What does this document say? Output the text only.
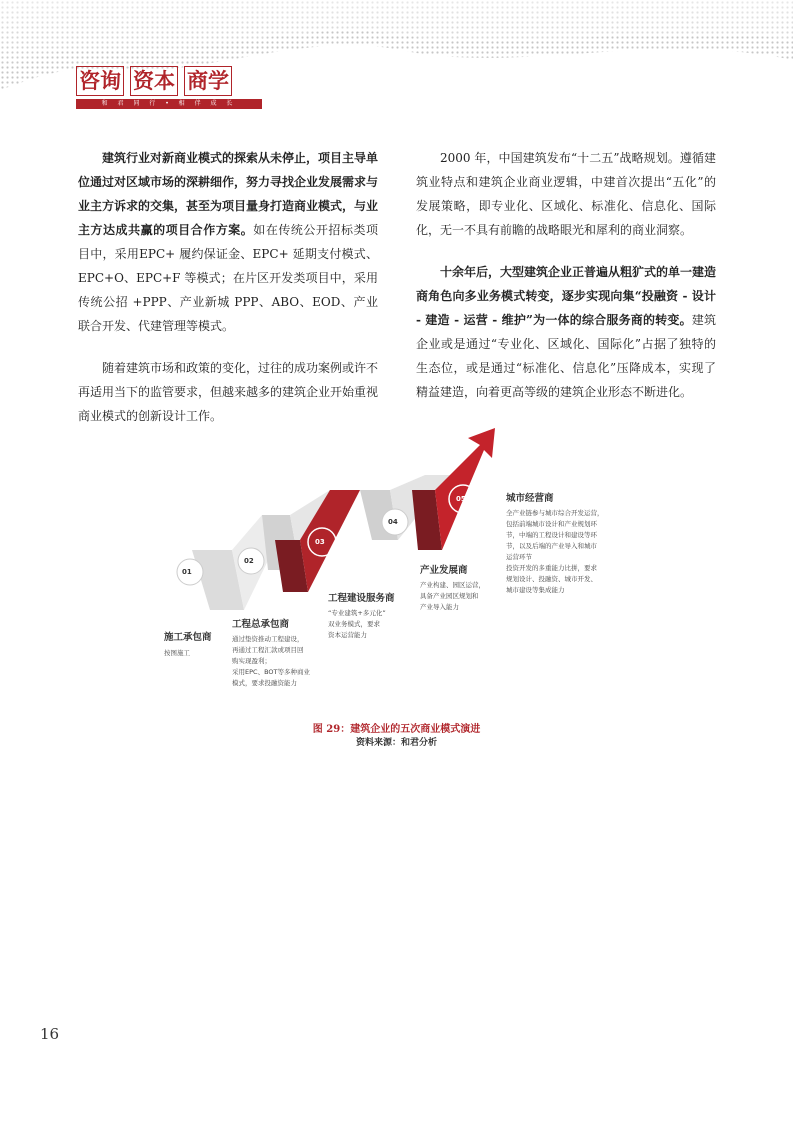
咨询 资本 商学
和 君 同 行 • 相 伴 成 长

建筑行业对新商业模式的探索从未停止，项目主导单位通过对区域市场的深耕细作，努力寻找企业发展需求与业主方诉求的交集，甚至为项目量身打造商业模式，与业主方达成共赢的项目合作方案。如在传统公开招标类项目中，采用EPC+ 履约保证金、EPC+ 延期支付模式、EPC+O、EPC+F 等模式；在片区开发类项目中，采用传统公招 +PPP、产业新城 PPP、ABO、EOD、产业联合开发、代建管理等模式。

随着建筑市场和政策的变化，过往的成功案例或许不再适用当下的监管要求，但越来越多的建筑企业开始重视商业模式的创新设计工作。

2000 年，中国建筑发布“十二五”战略规划。遵循建筑业特点和建筑企业商业逻辑，中建首次提出“五化”的发展策略，即专业化、区域化、标准化、信息化、国际化，无一不具有前瞻的战略眼光和犀利的商业洞察。

十余年后，大型建筑企业正普遍从粗犷式的单一建造商角色向多业务模式转变，逐步实现向集“投融资 - 设计 - 建造 - 运营 - 维护”为一体的综合服务商的转变。建筑企业或是通过“专业化、区域化、国际化”占据了独特的生态位，或是通过“标准化、信息化”压降成本，实现了精益建造，向着更高等级的建筑企业形态不断进化。

01
02
03
04
05
施工承包商
按图施工
工程总承包商
通过垫资推动工程建设，
再通过工程汇款或项目回
购实现盈利；
采用EPC、BOT等多种商业
模式，要求投融资能力
工程建设服务商
“专业建筑+多元化”
双业务模式，要求
资本运营能力
产业发展商
产业构建、园区运营，
具备产业园区规划和
产业导入能力
城市经营商
全产业链参与城市综合开发运营，
包括前端城市设计和产业规划环
节，中端的工程设计和建设等环
节，以及后端的产业导入和城市
运营环节
投资开发的多重能力比拼，要求
规划设计、投融资、城市开发、
城市建设等集成能力
图 29：建筑企业的五次商业模式演进
资料来源：和君分析
16
